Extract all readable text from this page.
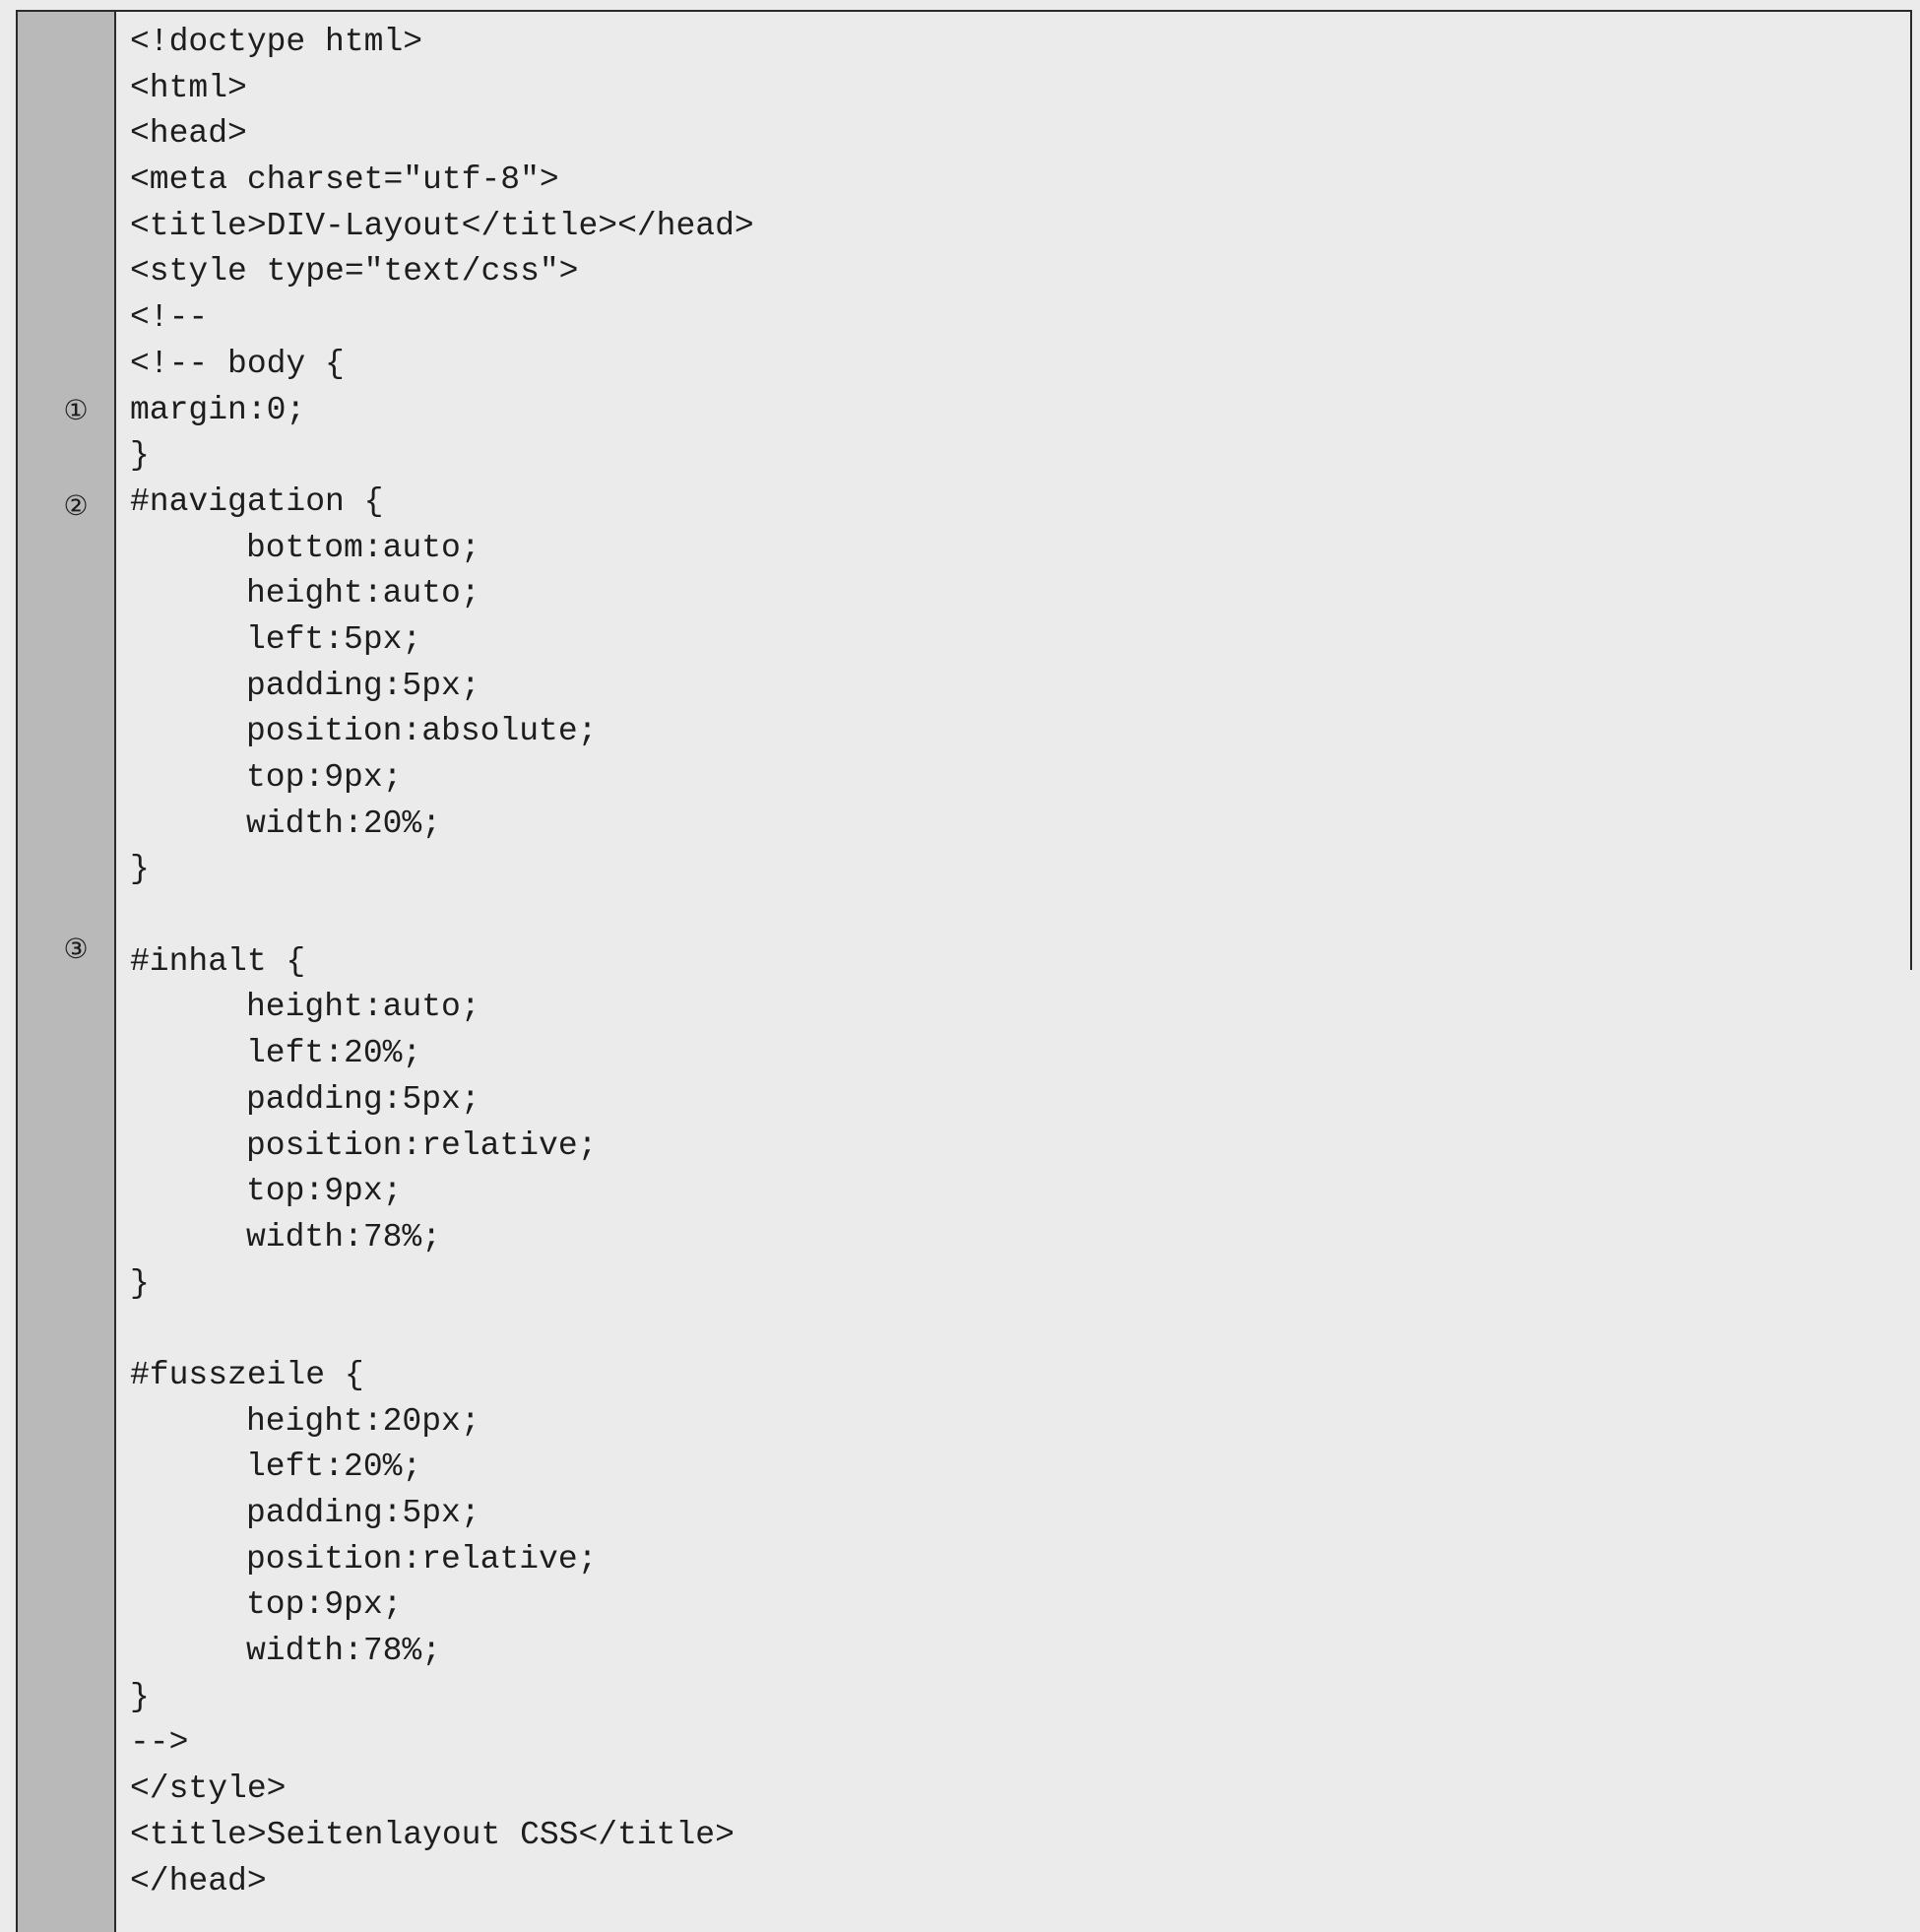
①
②
③
<!doctype html>
<html>
<head>
<meta charset="utf-8">
<title>DIV-Layout</title></head>
<style type="text/css">
<!--
<!-- body {
margin:0;
}
#navigation {
bottom:auto;
height:auto;
left:5px;
padding:5px;
position:absolute;
top:9px;
width:20%;
}
#inhalt {
height:auto;
left:20%;
padding:5px;
position:relative;
top:9px;
width:78%;
}
#fusszeile {
height:20px;
left:20%;
padding:5px;
position:relative;
top:9px;
width:78%;
}
-->
</style>
<title>Seitenlayout CSS</title>
</head>
